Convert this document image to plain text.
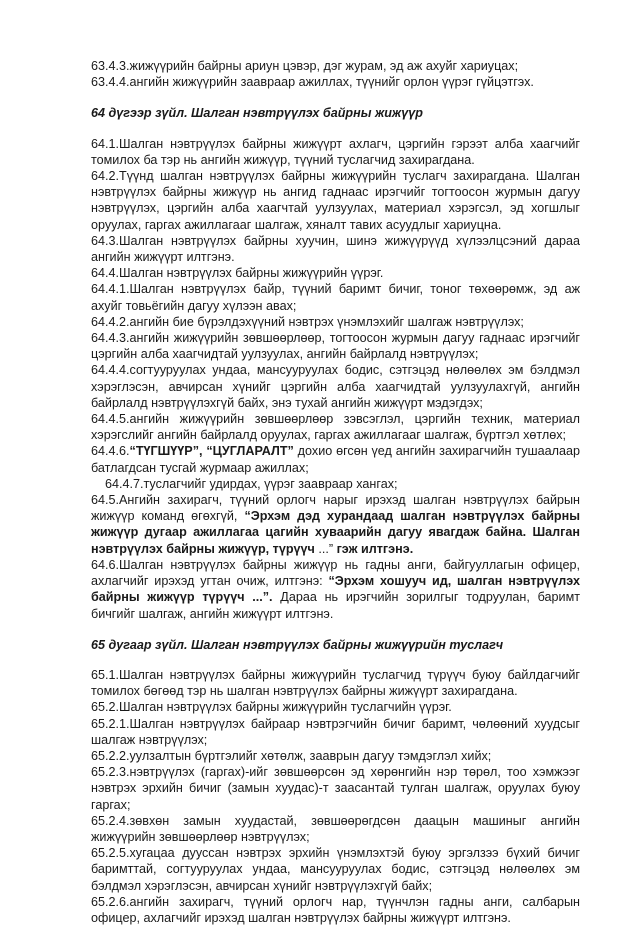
63.4.3.жижүүрийн байрны ариун цэвэр, дэг журам, эд аж ахуйг хариуцах;

63.4.4.ангийн жижүүрийн заавраар ажиллах, түүнийг орлон үүрэг гүйцэтгэх.

64 дүгээр зүйл. Шалган нэвтрүүлэх байрны жижүүр

64.1.Шалган нэвтрүүлэх байрны жижүүрт ахлагч, цэргийн гэрээт алба хаагчийг томилох ба тэр нь ангийн жижүүр, түүний туслагчид захирагдана.

64.2.Түүнд шалган нэвтрүүлэх байрны жижүүрийн туслагч захирагдана. Шалган нэвтрүүлэх байрны жижүүр нь ангид гаднаас ирэгчийг тогтоосон журмын дагуу нэвтрүүлэх, цэргийн алба хаагчтай уулзуулах, материал хэрэгсэл, эд хогшлыг оруулах, гаргах ажиллагааг шалгаж, хяналт тавих асуудлыг хариуцна.

64.3.Шалган нэвтрүүлэх байрны хуучин, шинэ жижүүрүүд хүлээлцсэний дараа ангийн жижүүрт илтгэнэ.

64.4.Шалган нэвтрүүлэх байрны жижүүрийн үүрэг.

64.4.1.Шалган нэвтрүүлэх байр, түүний баримт бичиг, тоног төхөөрөмж, эд аж ахуйг товьёгийн дагуу хүлээн авах;

64.4.2.ангийн бие бүрэлдэхүүний нэвтрэх үнэмлэхийг шалгаж нэвтрүүлэх;

64.4.3.ангийн жижүүрийн зөвшөөрлөөр, тогтоосон журмын дагуу гаднаас ирэгчийг цэргийн алба хаагчидтай уулзуулах, ангийн байрлалд нэвтрүүлэх;

64.4.4.согтууруулах ундаа, мансууруулах бодис, сэтгэцэд нөлөөлөх эм бэлдмэл хэрэглэсэн, авчирсан хүнийг цэргийн алба хаагчидтай уулзуулахгүй, ангийн байрлалд нэвтрүүлэхгүй байх, энэ тухай ангийн жижүүрт мэдэгдэх;

64.4.5.ангийн жижүүрийн зөвшөөрлөөр зэвсэглэл, цэргийн техник, материал хэрэгслийг ангийн байрлалд оруулах, гаргах ажиллагааг шалгаж, бүртгэл хөтлөх;

64.4.6.“ТҮГШҮҮР”, “ЦУГЛАРАЛТ” дохио өгсөн үед ангийн захирагчийн тушаалаар батлагдсан тусгай журмаар ажиллах;

64.4.7.туслагчийг удирдах, үүрэг заавраар хангах;

64.5.Ангийн захирагч, түүний орлогч нарыг ирэхэд шалган нэвтрүүлэх байрын жижүүр команд өгөхгүй, “Эрхэм дэд хурандаад шалган нэвтрүүлэх байрны жижүүр дугаар ажиллагаа цагийн хуваарийн дагуу явагдаж байна. Шалган нэвтрүүлэх байрны жижүүр, түрүүч ...” гэж илтгэнэ.

64.6.Шалган нэвтрүүлэх байрны жижүүр нь гадны анги, байгууллагын офицер, ахлагчийг ирэхэд угтан очиж, илтгэнэ: “Эрхэм хошууч ид, шалган нэвтрүүлэх байрны жижүүр түрүүч ...”. Дараа нь ирэгчийн зорилгыг тодруулан, баримт бичгийг шалгаж, ангийн жижүүрт илтгэнэ.

65 дугаар зүйл. Шалган нэвтрүүлэх байрны жижүүрийн туслагч

65.1.Шалган нэвтрүүлэх байрны жижүүрийн туслагчид түрүүч буюу байлдагчийг томилох бөгөөд тэр нь шалган нэвтрүүлэх байрны жижүүрт захирагдана.

65.2.Шалган нэвтрүүлэх байрны жижүүрийн туслагчийн үүрэг.

65.2.1.Шалган нэвтрүүлэх байраар нэвтрэгчийн бичиг баримт, чөлөөний хуудсыг шалгаж нэвтрүүлэх;

65.2.2.уулзалтын бүртгэлийг хөтөлж, зааврын дагуу тэмдэглэл хийх;

65.2.3.нэвтрүүлэх (гаргах)-ийг зөвшөөрсөн эд хөрөнгийн нэр төрөл, тоо хэмжээг нэвтрэх эрхийн бичиг (замын хуудас)-т заасантай тулган шалгаж, оруулах буюу гаргах;

65.2.4.зөвхөн замын хуудастай, зөвшөөрөгдсөн даацын машиныг ангийн жижүүрийн зөвшөөрлөөр нэвтрүүлэх;

65.2.5.хугацаа дууссан нэвтрэх эрхийн үнэмлэхтэй буюу эргэлзээ бүхий бичиг баримттай, согтууруулах ундаа, мансууруулах бодис, сэтгэцэд нөлөөлөх эм бэлдмэл хэрэглэсэн, авчирсан хүнийг нэвтрүүлэхгүй байх;

65.2.6.ангийн захирагч, түүний орлогч нар, түүнчлэн гадны анги, салбарын офицер, ахлагчийг ирэхэд шалган нэвтрүүлэх байрны жижүүрт илтгэнэ.
